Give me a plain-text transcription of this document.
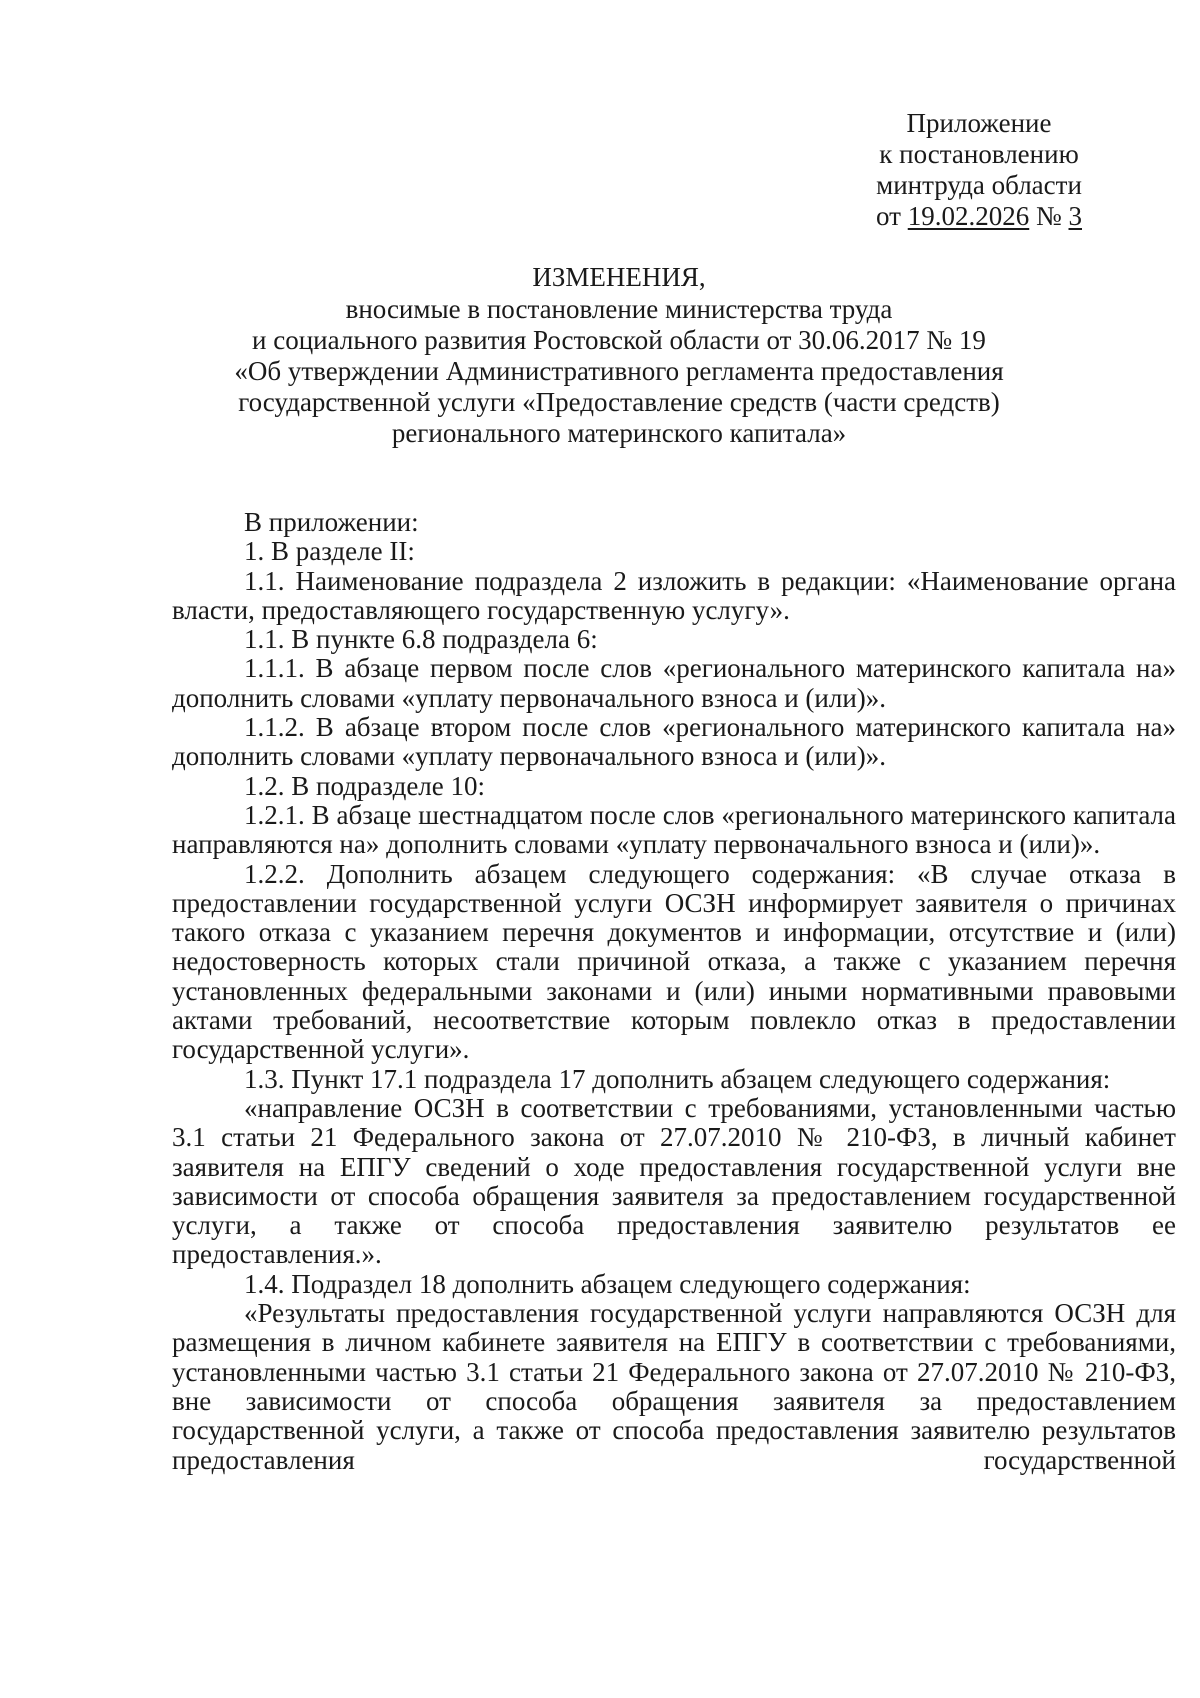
Приложение
к постановлению
минтруда области
от 19.02.2026 № 3
ИЗМЕНЕНИЯ,
вносимые в постановление министерства труда
и социального развития Ростовской области от 30.06.2017 № 19
«Об утверждении Административного регламента предоставления
государственной услуги «Предоставление средств (части средств)
регионального материнского капитала»

В приложении:

1. В разделе II:

1.1. Наименование подраздела 2 изложить в редакции: «Наименование органа власти, предоставляющего государственную услугу».

1.1. В пункте 6.8 подраздела 6:

1.1.1. В абзаце первом после слов «регионального материнского капитала на» дополнить словами «уплату первоначального взноса и (или)».

1.1.2. В абзаце втором после слов «регионального материнского капитала на» дополнить словами «уплату первоначального взноса и (или)».

1.2. В подразделе 10:

1.2.1. В абзаце шестнадцатом после слов «регионального материнского капитала направляются на» дополнить словами «уплату первоначального взноса и (или)».

1.2.2. Дополнить абзацем следующего содержания: «В случае отказа в предоставлении государственной услуги ОСЗН информирует заявителя о причинах такого отказа с указанием перечня документов и информации, отсутствие и (или) недостоверность которых стали причиной отказа, а также с указанием перечня установленных федеральными законами и (или) иными нормативными правовыми актами требований, несоответствие которым повлекло отказ в предоставлении государственной услуги».

1.3. Пункт 17.1 подраздела 17 дополнить абзацем следующего содержания:

«направление ОСЗН в соответствии с требованиями, установленными частью 3.1 статьи 21 Федерального закона от 27.07.2010 № 210-ФЗ, в личный кабинет заявителя на ЕПГУ сведений о ходе предоставления государственной услуги вне зависимости от способа обращения заявителя за предоставлением государственной услуги, а также от способа предоставления заявителю результатов ее предоставления.».

1.4. Подраздел 18 дополнить абзацем следующего содержания:

«Результаты предоставления государственной услуги направляются ОСЗН для размещения в личном кабинете заявителя на ЕПГУ в соответствии с требованиями, установленными частью 3.1 статьи 21 Федерального закона от 27.07.2010 № 210-ФЗ, вне зависимости от способа обращения заявителя за предоставлением государственной услуги, а также от способа предоставления заявителю результатов предоставления государственной
